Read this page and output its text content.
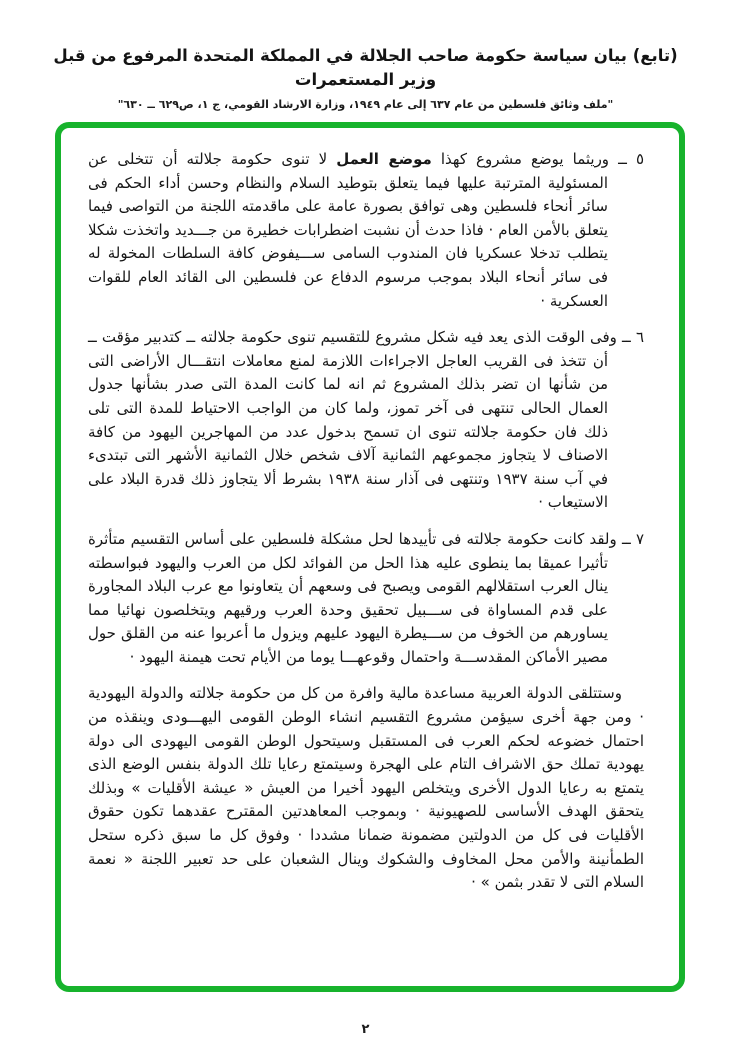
(تابع) بيان سياسة حكومة صاحب الجلالة في المملكة المتحدة المرفوع من قبل وزير المستعمرات
"ملف وثائق فلسطين من عام ٦٣٧ إلى عام ١٩٤٩، وزارة الارشاد القومي، ج ١، ص٦٢٩ ــ ٦٣٠"

٥ ــ وريثما يوضع مشروع كهذا موضع العمل لا تنوى حكومة جلالته أن تتخلى عن المسئولية المترتبة عليها فيما يتعلق بتوطيد السلام والنظام وحسن أداء الحكم فى سائر أنحاء فلسطين وهى توافق بصورة عامة على ماقدمته اللجنة من التواصى فيما يتعلق بالأمن العام · فاذا حدث أن نشبت اضطرابات خطيرة من جـــديد واتخذت شكلا يتطلب تدخلا عسكريا فان المندوب السامى ســـيفوض كافة السلطات المخولة له فى سائر أنحاء البلاد بموجب مرسوم الدفاع عن فلسطين الى القائد العام للقوات العسكرية ·

٦ ــ وفى الوقت الذى يعد فيه شكل مشروع للتقسيم تنوى حكومة جلالته ــ كتدبير مؤقت ــ أن تتخذ فى القريب العاجل الاجراءات اللازمة لمنع معاملات انتقـــال الأراضى التى من شأنها ان تضر بذلك المشروع ثم انه لما كانت المدة التى صدر بشأنها جدول العمال الحالى تنتهى فى آخر تموز، ولما كان من الواجب الاحتياط للمدة التى تلى ذلك فان حكومة جلالته تنوى ان تسمح بدخول عدد من المهاجرين اليهود من كافة الاصناف لا يتجاوز مجموعهم الثمانية آلاف شخص خلال الثمانية الأشهر التى تبتدىء في آب سنة ١٩٣٧ وتنتهى فى آذار سنة ١٩٣٨ بشرط ألا يتجاوز ذلك قدرة البلاد على الاستيعاب ·

٧ ــ ولقد كانت حكومة جلالته فى تأييدها لحل مشكلة فلسطين على أساس التقسيم متأثرة تأثيرا عميقا بما ينطوى عليه هذا الحل من الفوائد لكل من العرب واليهود فبواسطته ينال العرب استقلالهم القومى ويصبح فى وسعهم أن يتعاونوا مع عرب البلاد المجاورة على قدم المساواة فى ســـبيل تحقيق وحدة العرب ورقيهم ويتخلصون نهائيا مما يساورهم من الخوف من ســـيطرة اليهود عليهم ويزول ما أعربوا عنه من القلق حول مصير الأماكن المقدســـة واحتمال وقوعهـــا يوما من الأيام تحت هيمنة اليهود ·

وستتلقى الدولة العربية مساعدة مالية وافرة من كل من حكومة جلالته والدولة اليهودية · ومن جهة أخرى سيؤمن مشروع التقسيم انشاء الوطن القومى اليهـــودى وينقذه من احتمال خضوعه لحكم العرب فى المستقبل وسيتحول الوطن القومى اليهودى الى دولة يهودية تملك حق الاشراف التام على الهجرة وسيتمتع رعايا تلك الدولة بنفس الوضع الذى يتمتع به رعايا الدول الأخرى ويتخلص اليهود أخيرا من العيش « عيشة الأقليات » وبذلك يتحقق الهدف الأساسى للصهيونية · وبموجب المعاهدتين المقترح عقدهما تكون حقوق الأقليات فى كل من الدولتين مضمونة ضمانا مشددا · وفوق كل ما سبق ذكره ستحل الطمأنينة والأمن محل المخاوف والشكوك وينال الشعبان على حد تعبير اللجنة « نعمة السلام التى لا تقدر بثمن » ·

٢
